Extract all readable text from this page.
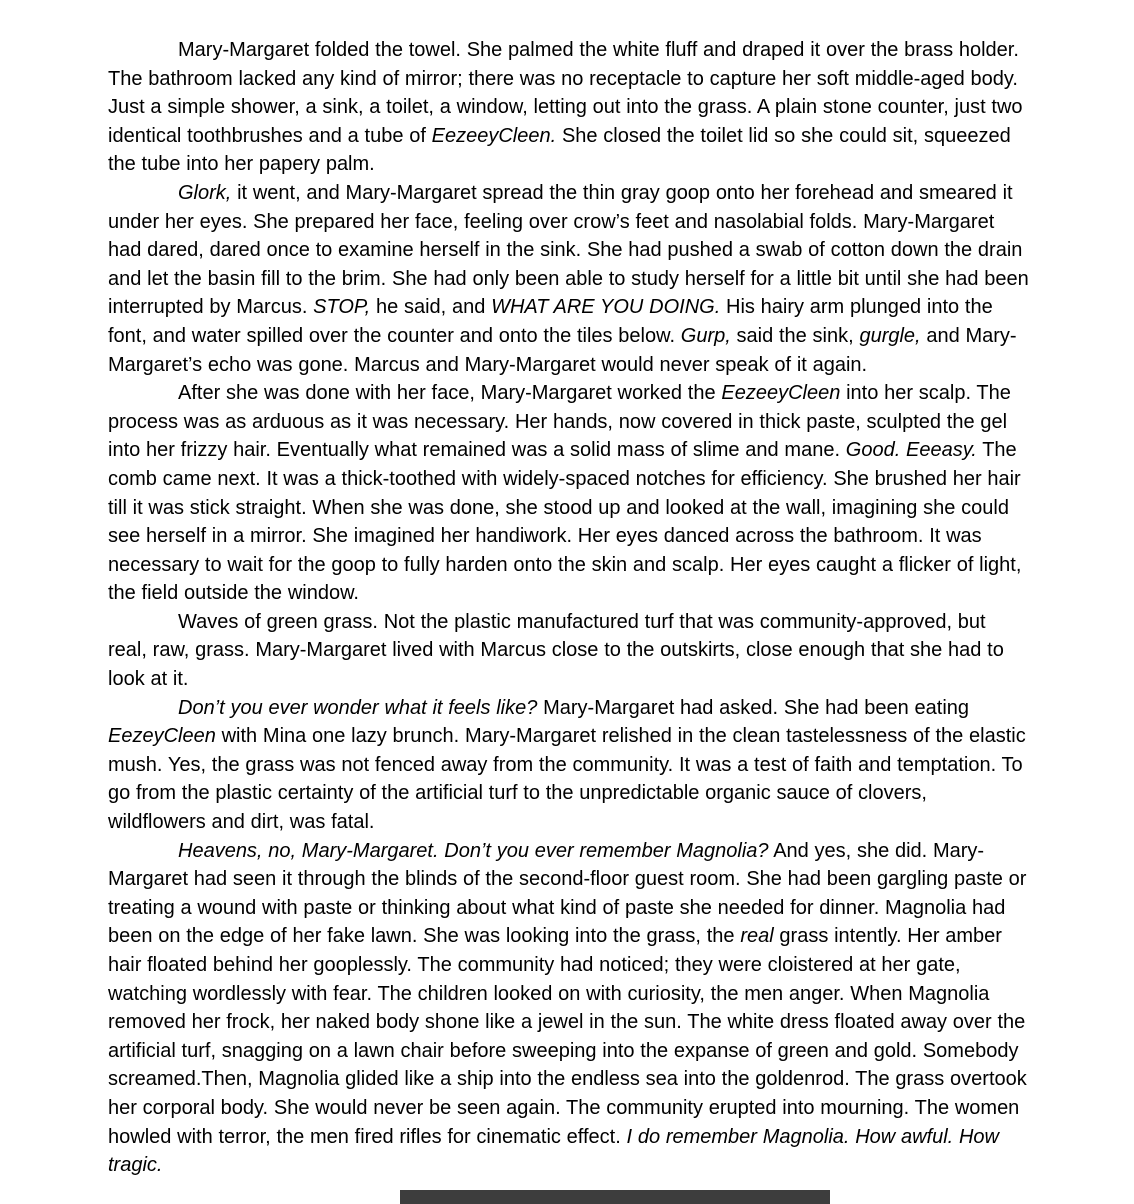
Mary-Margaret folded the towel. She palmed the white fluff and draped it over the brass holder. The bathroom lacked any kind of mirror; there was no receptacle to capture her soft middle-aged body. Just a simple shower, a sink, a toilet, a window, letting out into the grass. A plain stone counter, just two identical toothbrushes and a tube of EezeeyCleen. She closed the toilet lid so she could sit, squeezed the tube into her papery palm.

Glork, it went, and Mary-Margaret spread the thin gray goop onto her forehead and smeared it under her eyes. She prepared her face, feeling over crow’s feet and nasolabial folds. Mary-Margaret had dared, dared once to examine herself in the sink. She had pushed a swab of cotton down the drain and let the basin fill to the brim. She had only been able to study herself for a little bit until she had been interrupted by Marcus. STOP, he said, and WHAT ARE YOU DOING. His hairy arm plunged into the font, and water spilled over the counter and onto the tiles below. Gurp, said the sink, gurgle, and Mary-Margaret’s echo was gone. Marcus and Mary-Margaret would never speak of it again.

After she was done with her face, Mary-Margaret worked the EezeeyCleen into her scalp. The process was as arduous as it was necessary. Her hands, now covered in thick paste, sculpted the gel into her frizzy hair. Eventually what remained was a solid mass of slime and mane. Good. Eeeasy. The comb came next. It was a thick-toothed with widely-spaced notches for efficiency. She brushed her hair till it was stick straight. When she was done, she stood up and looked at the wall, imagining she could see herself in a mirror. She imagined her handiwork. Her eyes danced across the bathroom. It was necessary to wait for the goop to fully harden onto the skin and scalp. Her eyes caught a flicker of light, the field outside the window.

Waves of green grass. Not the plastic manufactured turf that was community-approved, but real, raw, grass. Mary-Margaret lived with Marcus close to the outskirts, close enough that she had to look at it.

Don’t you ever wonder what it feels like? Mary-Margaret had asked. She had been eating EezeyCleen with Mina one lazy brunch. Mary-Margaret relished in the clean tastelessness of the elastic mush. Yes, the grass was not fenced away from the community. It was a test of faith and temptation. To go from the plastic certainty of the artificial turf to the unpredictable organic sauce of clovers, wildflowers and dirt, was fatal.

Heavens, no, Mary-Margaret. Don’t you ever remember Magnolia? And yes, she did. Mary-Margaret had seen it through the blinds of the second-floor guest room. She had been gargling paste or treating a wound with paste or thinking about what kind of paste she needed for dinner. Magnolia had been on the edge of her fake lawn. She was looking into the grass, the real grass intently. Her amber hair floated behind her gooplessly. The community had noticed; they were cloistered at her gate, watching wordlessly with fear. The children looked on with curiosity, the men anger. When Magnolia removed her frock, her naked body shone like a jewel in the sun. The white dress floated away over the artificial turf, snagging on a lawn chair before sweeping into the expanse of green and gold. Somebody screamed.Then, Magnolia glided like a ship into the endless sea into the goldenrod. The grass overtook her corporal body. She would never be seen again. The community erupted into mourning. The women howled with terror, the men fired rifles for cinematic effect. I do remember Magnolia. How awful. How tragic.
